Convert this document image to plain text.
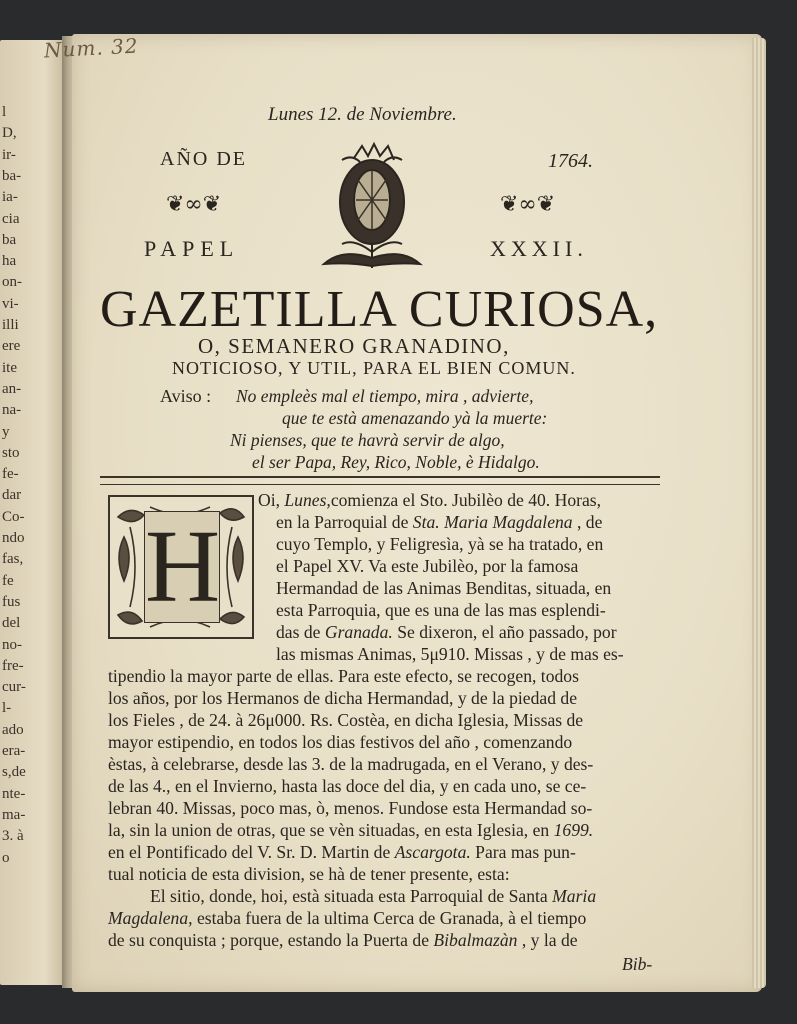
l
D,
ir-
ba-
ia-
cia
ba
ha
on-
vi-
illi
ere
ite
an-
na-
y
sto
fe-
dar
Co-
ndo
fas,
fe
fus
del
no-
fre-
cur-
l-
ado
era-
s,de
nte-
ma-
3. à
o
Num. 32
Lunes 12. de Noviembre.
AÑO DE	1764.
❦∞❦	❦∞❦
PAPEL	XXXII.
GAZETILLA CURIOSA,
O, SEMANERO GRANADINO,
NOTICIOSO, Y UTIL, PARA EL BIEN COMUN.
Aviso : No empleès mal el tiempo, mira , advierte,
que te està amenazando yà la muerte:
Ni pienses, que te havrà servir de algo,
el ser Papa, Rey, Rico, Noble, è Hidalgo.
H
Oi, Lunes,comienza el Sto. Jubilèo de 40. Horas,
en la Parroquial de Sta. Maria Magdalena , de
cuyo Templo, y Feligresìa, yà se ha tratado, en
el Papel XV. Va este Jubilèo, por la famosa
Hermandad de las Animas Benditas, situada, en
esta Parroquia, que es una de las mas esplendi-
das de Granada. Se dixeron, el año passado, por
las mismas Animas, 5μ910. Missas , y de mas es-
tipendio la mayor parte de ellas. Para este efecto, se recogen, todos
los años, por los Hermanos de dicha Hermandad, y de la piedad de
los Fieles , de 24. à 26μ000. Rs. Costèa, en dicha Iglesia, Missas de
mayor estipendio, en todos los dias festivos del año , comenzando
èstas, à celebrarse, desde las 3. de la madrugada, en el Verano, y des-
de las 4., en el Invierno, hasta las doce del dia, y en cada uno, se ce-
lebran 40. Missas, poco mas, ò, menos. Fundose esta Hermandad so-
la, sin la union de otras, que se vèn situadas, en esta Iglesia, en 1699.
en el Pontificado del V. Sr. D. Martin de Ascargota. Para mas pun-
tual noticia de esta division, se hà de tener presente, esta:
El sitio, donde, hoi, està situada esta Parroquial de Santa Maria
Magdalena, estaba fuera de la ultima Cerca de Granada, à el tiempo
de su conquista ; porque, estando la Puerta de Bibalmazàn , y la de
Bib-
